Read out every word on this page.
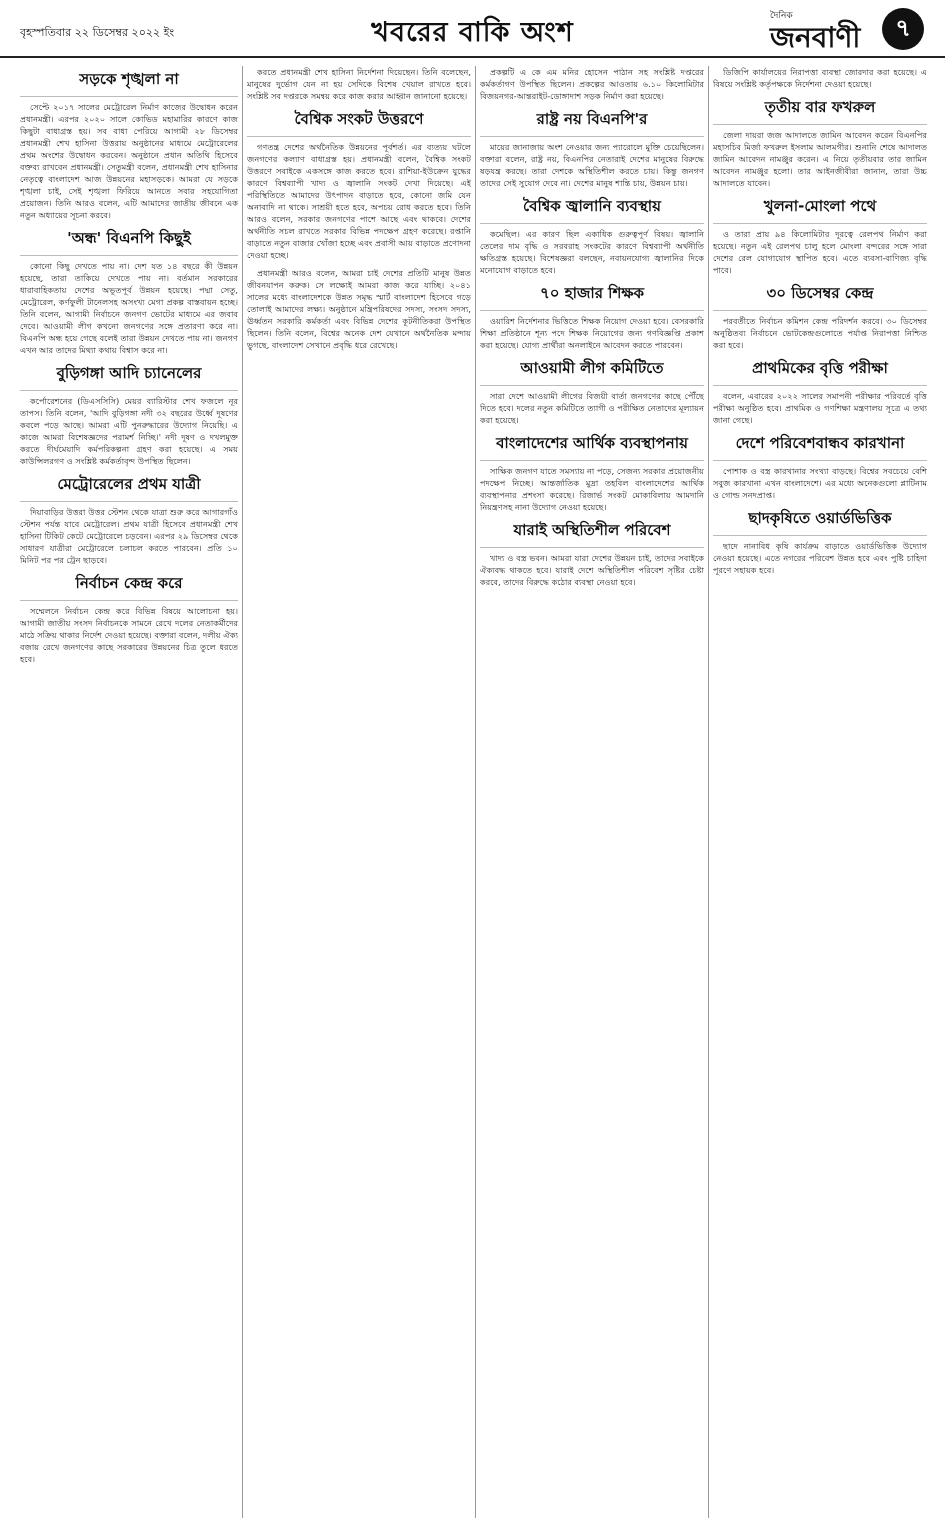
বৃহস্পতিবার ২২ ডিসেম্বর ২০২২ ইং	খবরের বাকি অংশ
দৈনিক
জনবাণী	৭
সড়কে শৃঙ্খলা না

সেপ্টে ২০১৭ সালের মেট্রোরেল নির্মাণ কাজের উদ্বোধন করেন প্রধানমন্ত্রী। এরপর ২০২০ সালে কোভিড মহামারির কারণে কাজ কিছুটা বাধাগ্রস্ত হয়। সব বাধা পেরিয়ে আগামী ২৮ ডিসেম্বর প্রধানমন্ত্রী শেখ হাসিনা উত্তরায় অনুষ্ঠানের মাধ্যমে মেট্রোরেলের প্রথম অংশের উদ্বোধন করবেন। অনুষ্ঠানে প্রধান অতিথি হিসেবে বক্তব্য রাখবেন প্রধানমন্ত্রী। সেতুমন্ত্রী বলেন, প্রধানমন্ত্রী শেখ হাসিনার নেতৃত্বে বাংলাদেশ আজ উন্নয়নের মহাসড়কে। আমরা যে সড়কে শৃঙ্খলা চাই, সেই শৃঙ্খলা ফিরিয়ে আনতে সবার সহযোগিতা প্রয়োজন। তিনি আরও বলেন, এটি আমাদের জাতীয় জীবনে এক নতুন অধ্যায়ের সূচনা করবে।

'অন্ধ' বিএনপি কিছুই

কোনো কিছু দেখতে পায় না। দেশ যত ১৪ বছরে কী উন্নয়ন হয়েছে, তারা তাকিয়ে দেখতে পায় না। বর্তমান সরকারের ধারাবাহিকতায় দেশের অভূতপূর্ব উন্নয়ন হয়েছে। পদ্মা সেতু, মেট্রোরেল, কর্ণফুলী টানেলসহ অসংখ্য মেগা প্রকল্প বাস্তবায়ন হচ্ছে। তিনি বলেন, আগামী নির্বাচনে জনগণ ভোটের মাধ্যমে এর জবাব দেবে। আওয়ামী লীগ কখনো জনগণের সঙ্গে প্রতারণা করে না। বিএনপি অন্ধ হয়ে গেছে বলেই তারা উন্নয়ন দেখতে পায় না। জনগণ এখন আর তাদের মিথ্যা কথায় বিশ্বাস করে না।

বুড়িগঙ্গা আদি চ্যানেলের

কর্পোরেশনের (ডিএসসিসি) মেয়র ব্যারিস্টার শেখ ফজলে নূর তাপস। তিনি বলেন, 'আদি বুড়িগঙ্গা নদী ৩২ বছরের উর্ধ্বে দূষণের কবলে পড়ে আছে। আমরা এটি পুনরুদ্ধারের উদ্যোগ নিয়েছি। এ কাজে আমরা বিশেষজ্ঞদের পরামর্শ নিচ্ছি।' নদী দূষণ ও দখলমুক্ত করতে দীর্ঘমেয়াদি কর্মপরিকল্পনা গ্রহণ করা হয়েছে। এ সময় কাউন্সিলরগণ ও সংশ্লিষ্ট কর্মকর্তাবৃন্দ উপস্থিত ছিলেন।

মেট্রোরেলের প্রথম যাত্রী

দিয়াবাড়ির উত্তরা উত্তর স্টেশন থেকে যাত্রা শুরু করে আগারগাঁও স্টেশন পর্যন্ত যাবে মেট্রোরেল। প্রথম যাত্রী হিসেবে প্রধানমন্ত্রী শেখ হাসিনা টিকিট কেটে মেট্রোরেলে চড়বেন। এরপর ২৯ ডিসেম্বর থেকে সাধারণ যাত্রীরা মেট্রোরেলে চলাচল করতে পারবেন। প্রতি ১০ মিনিট পর পর ট্রেন ছাড়বে।

নির্বাচন কেন্দ্র করে

সম্মেলনে নির্বাচন কেন্দ্র করে বিভিন্ন বিষয়ে আলোচনা হয়। আগামী জাতীয় সংসদ নির্বাচনকে সামনে রেখে দলের নেতাকর্মীদের মাঠে সক্রিয় থাকার নির্দেশ দেওয়া হয়েছে। বক্তারা বলেন, দলীয় ঐক্য বজায় রেখে জনগণের কাছে সরকারের উন্নয়নের চিত্র তুলে ধরতে হবে।

করতে প্রধানমন্ত্রী শেখ হাসিনা নির্দেশনা দিয়েছেন। তিনি বলেছেন, মানুষের দুর্ভোগ যেন না হয় সেদিকে বিশেষ খেয়াল রাখতে হবে। সংশ্লিষ্ট সব দপ্তরকে সমন্বয় করে কাজ করার আহ্বান জানানো হয়েছে।

বৈশ্বিক সংকট উত্তরণে

গণতন্ত্র দেশের অর্থনৈতিক উন্নয়নের পূর্বশর্ত। এর ব্যত্যয় ঘটলে জনগণের কল্যাণ বাধাগ্রস্ত হয়। প্রধানমন্ত্রী বলেন, বৈশ্বিক সংকট উত্তরণে সবাইকে একসঙ্গে কাজ করতে হবে। রাশিয়া-ইউক্রেন যুদ্ধের কারণে বিশ্বব্যাপী খাদ্য ও জ্বালানি সংকট দেখা দিয়েছে। এই পরিস্থিতিতে আমাদের উৎপাদন বাড়াতে হবে, কোনো জমি যেন অনাবাদি না থাকে। সাশ্রয়ী হতে হবে, অপচয় রোধ করতে হবে। তিনি আরও বলেন, সরকার জনগণের পাশে আছে এবং থাকবে। দেশের অর্থনীতি সচল রাখতে সরকার বিভিন্ন পদক্ষেপ গ্রহণ করেছে। রপ্তানি বাড়াতে নতুন বাজার খোঁজা হচ্ছে এবং প্রবাসী আয় বাড়াতে প্রণোদনা দেওয়া হচ্ছে।

প্রধানমন্ত্রী আরও বলেন, আমরা চাই দেশের প্রতিটি মানুষ উন্নত জীবনযাপন করুক। সে লক্ষ্যেই আমরা কাজ করে যাচ্ছি। ২০৪১ সালের মধ্যে বাংলাদেশকে উন্নত সমৃদ্ধ স্মার্ট বাংলাদেশ হিসেবে গড়ে তোলাই আমাদের লক্ষ্য। অনুষ্ঠানে মন্ত্রিপরিষদের সদস্য, সংসদ সদস্য, ঊর্ধ্বতন সরকারি কর্মকর্তা এবং বিভিন্ন দেশের কূটনীতিকরা উপস্থিত ছিলেন। তিনি বলেন, বিশ্বের অনেক দেশ যেখানে অর্থনৈতিক মন্দায় ভুগছে, বাংলাদেশ সেখানে প্রবৃদ্ধি ধরে রেখেছে।

প্রকল্পটি এ কে এম মনির হোসেন পাঠান সহ সংশ্লিষ্ট দপ্তরের কর্মকর্তাগণ উপস্থিত ছিলেন। প্রকল্পের আওতায় ৬.১০ কিলোমিটার বিজয়নগর-আন্তরাইট-ডোঙ্গাদাশ সড়ক নির্মাণ করা হয়েছে।

রাষ্ট্র নয় বিএনপি'র

মায়ের জানাজায় অংশ নেওয়ার জন্য প্যারোলে মুক্তি চেয়েছিলেন। বক্তারা বলেন, রাষ্ট্র নয়, বিএনপির নেতারাই দেশের মানুষের বিরুদ্ধে ষড়যন্ত্র করছে। তারা দেশকে অস্থিতিশীল করতে চায়। কিন্তু জনগণ তাদের সেই সুযোগ দেবে না। দেশের মানুষ শান্তি চায়, উন্নয়ন চায়।

বৈশ্বিক জ্বালানি ব্যবস্থায়

কমেছিল। এর কারণ ছিল একাধিক গুরুত্বপূর্ণ বিষয়। জ্বালানি তেলের দাম বৃদ্ধি ও সরবরাহ সংকটের কারণে বিশ্বব্যাপী অর্থনীতি ক্ষতিগ্রস্ত হয়েছে। বিশেষজ্ঞরা বলছেন, নবায়নযোগ্য জ্বালানির দিকে মনোযোগ বাড়াতে হবে।

৭০ হাজার শিক্ষক

ওয়ারিশ নির্দেশনার ভিত্তিতে শিক্ষক নিয়োগ দেওয়া হবে। বেসরকারি শিক্ষা প্রতিষ্ঠানে শূন্য পদে শিক্ষক নিয়োগের জন্য গণবিজ্ঞপ্তি প্রকাশ করা হয়েছে। যোগ্য প্রার্থীরা অনলাইনে আবেদন করতে পারবেন।

আওয়ামী লীগ কমিটিতে

সারা দেশে আওয়ামী লীগের বিজয়ী বার্তা জনগণের কাছে পৌঁছে দিতে হবে। দলের নতুন কমিটিতে ত্যাগী ও পরীক্ষিত নেতাদের মূল্যায়ন করা হয়েছে।

বাংলাদেশের আর্থিক ব্যবস্থাপনায়

সাক্ষিক জনগণ যাতে সমস্যায় না পড়ে, সেজন্য সরকার প্রয়োজনীয় পদক্ষেপ নিচ্ছে। আন্তর্জাতিক মুদ্রা তহবিল বাংলাদেশের আর্থিক ব্যবস্থাপনার প্রশংসা করেছে। রিজার্ভ সংকট মোকাবিলায় আমদানি নিয়ন্ত্রণসহ নানা উদ্যোগ নেওয়া হয়েছে।

যারাই অস্থিতিশীল পরিবেশ

খাদ্য ও বস্ত্র ভবন। আমরা যারা দেশের উন্নয়ন চাই, তাদের সবাইকে ঐক্যবদ্ধ থাকতে হবে। যারাই দেশে অস্থিতিশীল পরিবেশ সৃষ্টির চেষ্টা করবে, তাদের বিরুদ্ধে কঠোর ব্যবস্থা নেওয়া হবে।

ডিজিপি কার্যালয়ের নিরাপত্তা ব্যবস্থা জোরদার করা হয়েছে। এ বিষয়ে সংশ্লিষ্ট কর্তৃপক্ষকে নির্দেশনা দেওয়া হয়েছে।

তৃতীয় বার ফখরুল

জেলা দায়রা জজ আদালতে জামিন আবেদন করেন বিএনপির মহাসচিব মির্জা ফখরুল ইসলাম আলমগীর। শুনানি শেষে আদালত জামিন আবেদন নামঞ্জুর করেন। এ নিয়ে তৃতীয়বার তার জামিন আবেদন নামঞ্জুর হলো। তার আইনজীবীরা জানান, তারা উচ্চ আদালতে যাবেন।

খুলনা-মোংলা পথে

ও তারা প্রায় ৯৪ কিলোমিটার দূরত্বে রেলপথ নির্মাণ করা হয়েছে। নতুন এই রেলপথ চালু হলে মোংলা বন্দরের সঙ্গে সারা দেশের রেল যোগাযোগ স্থাপিত হবে। এতে ব্যবসা-বাণিজ্য বৃদ্ধি পাবে।

৩০ ডিসেম্বর কেন্দ্র

পরবর্তীতে নির্বাচন কমিশন কেন্দ্র পরিদর্শন করবে। ৩০ ডিসেম্বর অনুষ্ঠিতব্য নির্বাচনে ভোটকেন্দ্রগুলোতে পর্যাপ্ত নিরাপত্তা নিশ্চিত করা হবে।

প্রাথমিকের বৃত্তি পরীক্ষা

বলেন, এবারের ২০২২ সালের সমাপনী পরীক্ষার পরিবর্তে বৃত্তি পরীক্ষা অনুষ্ঠিত হবে। প্রাথমিক ও গণশিক্ষা মন্ত্রণালয় সূত্রে এ তথ্য জানা গেছে।

দেশে পরিবেশবান্ধব কারখানা

পোশাক ও বস্ত্র কারখানার সংখ্যা বাড়ছে। বিশ্বের সবচেয়ে বেশি সবুজ কারখানা এখন বাংলাদেশে। এর মধ্যে অনেকগুলো প্লাটিনাম ও গোল্ড সনদপ্রাপ্ত।

ছাদকৃষিতে ওয়ার্ডভিত্তিক

ছাদে নানাবিধ কৃষি কার্যক্রম বাড়াতে ওয়ার্ডভিত্তিক উদ্যোগ নেওয়া হয়েছে। এতে নগরের পরিবেশ উন্নত হবে এবং পুষ্টি চাহিদা পূরণে সহায়ক হবে।
